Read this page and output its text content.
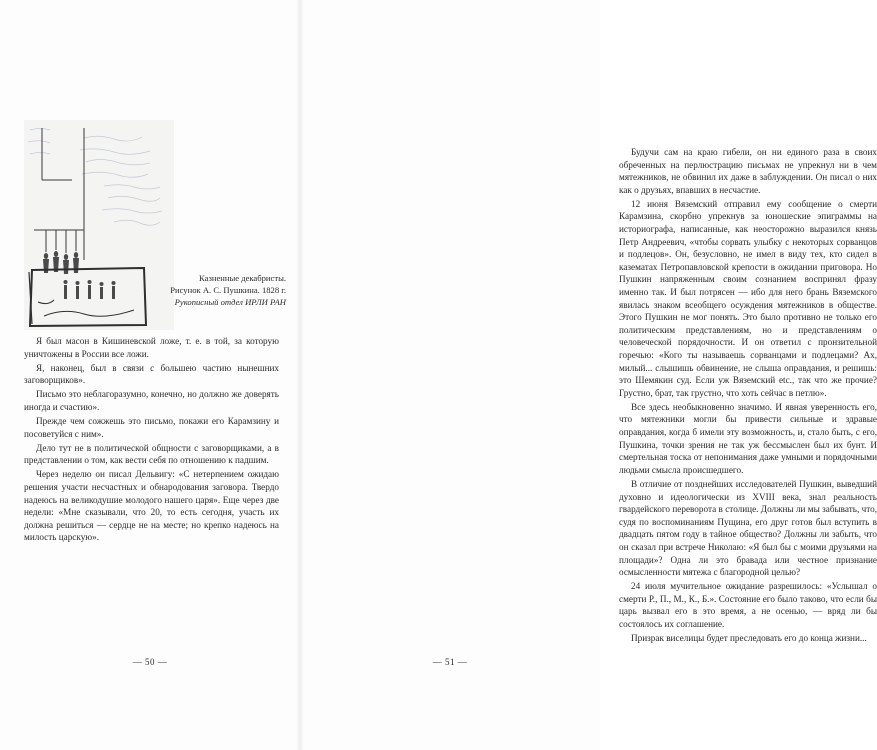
Казненные декабристы.
Рисунок А. С. Пушкина. 1828 г.
Рукописный отдел ИРЛИ РАН

Я был масон в Кишиневской ложе, т. е. в той, за которую уничтожены в России все ложи.

Я, наконец, был в связи с большею частию нынешних заговорщиков».

Письмо это неблагоразумно, конечно, но должно же доверять иногда и счастию».

Прежде чем сожжешь это письмо, покажи его Карамзину и посоветуйся с ним».

Дело тут не в политической общности с заговорщиками, а в представлении о том, как вести себя по отношению к падшим.

Через неделю он писал Дельвигу: «С нетерпением ожидаю решения участи несчастных и обнародования заговора. Твердо надеюсь на великодушие молодого нашего царя». Еще через две недели: «Мне сказывали, что 20, то есть сегодня, участь их должна решиться — сердце не на месте; но крепко надеюсь на милость царскую».

— 50 —

Будучи сам на краю гибели, он ни единого раза в своих обреченных на перлюстрацию письмах не упрекнул ни в чем мятежников, не обвинил их даже в заблуждении. Он писал о них как о друзьях, впавших в несчастие.

12 июня Вяземский отправил ему сообщение о смерти Карамзина, скорбно упрекнув за юношеские эпиграммы на историографа, написанные, как неосторожно выразился князь Петр Андреевич, «чтобы сорвать улыбку с некоторых сорванцов и подлецов». Он, безусловно, не имел в виду тех, кто сидел в казематах Петропавловской крепости в ожидании приговора. Но Пушкин напряженным своим сознанием воспринял фразу именно так. И был потрясен — ибо для него брань Вяземского явилась знаком всеобщего осуждения мятежников в обществе. Этого Пушкин не мог понять. Это было противно не только его политическим представлениям, но и представлениям о человеческой порядочности. И он ответил с пронзительной горечью: «Кого ты называешь сорванцами и подлецами? Ах, милый... слышишь обвинение, не слыша оправдания, и решишь: это Шемякин суд. Если уж Вяземский etc., так что же прочие? Грустно, брат, так грустно, что хоть сейчас в петлю».

Все здесь необыкновенно значимо. И явная уверенность его, что мятежники могли бы привести сильные и здравые оправдания, когда б имели эту возможность, и, стало быть, с его, Пушкина, точки зрения не так уж бессмыслен был их бунт. И смертельная тоска от непонимания даже умными и порядочными людьми смысла происшедшего.

В отличие от позднейших исследователей Пушкин, выведший духовно и идеологически из XVIII века, знал реальность гвардейского переворота в столице. Должны ли мы забывать, что, судя по воспоминаниям Пущина, его друг готов был вступить в двадцать пятом году в тайное общество? Должны ли забыть, что он сказал при встрече Николаю: «Я был бы с моими друзьями на площади»? Одна ли это бравада или честное признание осмысленности мятежа с благородной целью?

24 июля мучительное ожидание разрешилось: «Услышал о смерти Р., П., М., К., Б.». Состояние его было таково, что если бы царь вызвал его в это время, а не осенью, — вряд ли бы состоялось их соглашение.

Призрак виселицы будет преследовать его до конца жизни...

— 51 —
